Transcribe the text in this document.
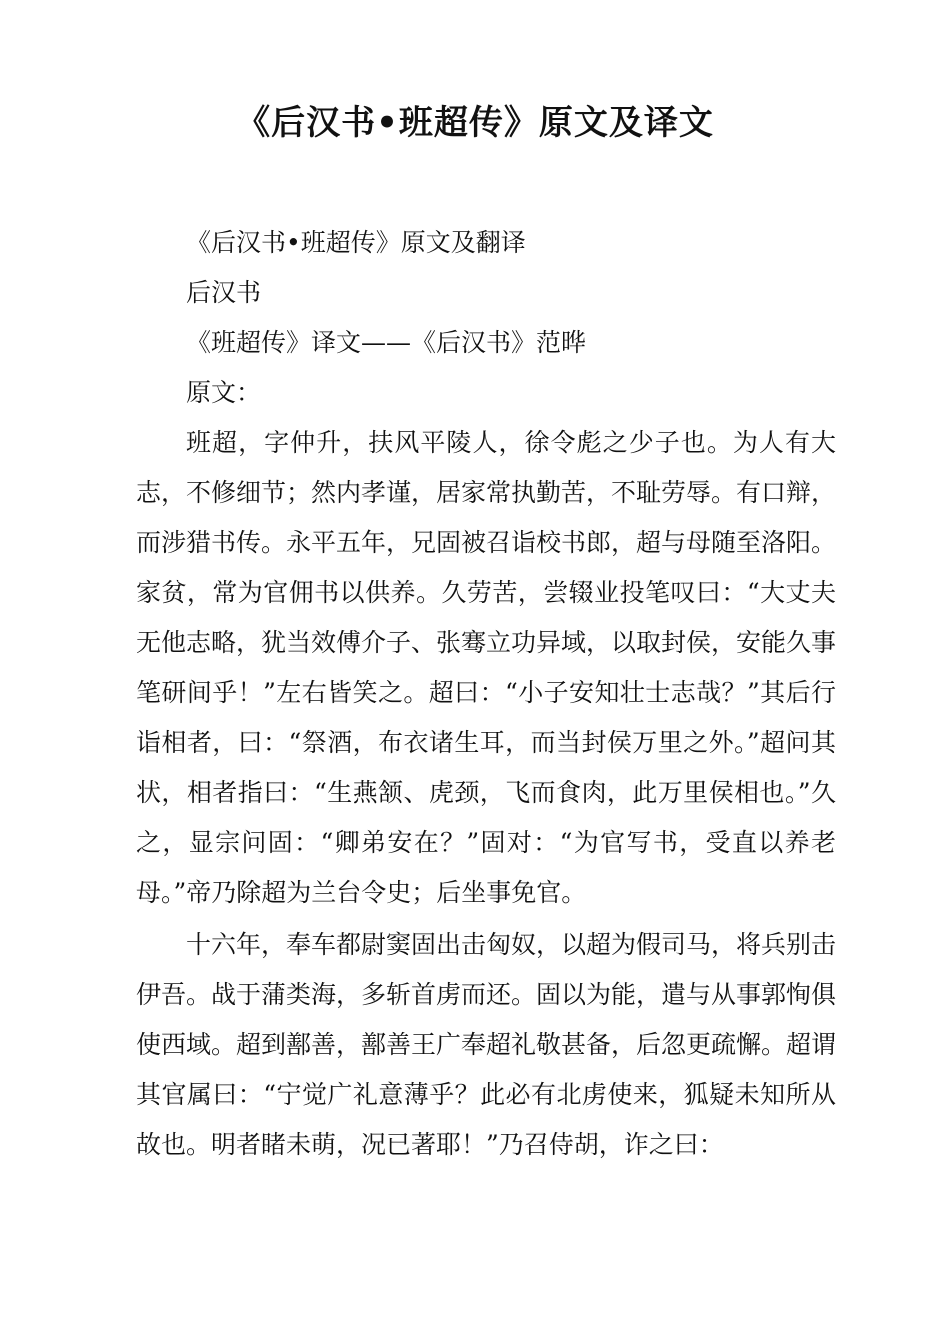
《后汉书•班超传》原文及译文

《后汉书•班超传》原文及翻译

后汉书

《班超传》译文——《后汉书》范晔

原文：

班超，字仲升，扶风平陵人，徐令彪之少子也。为人有大志，不修细节；然内孝谨，居家常执勤苦，不耻劳辱。有口辩，而涉猎书传。永平五年，兄固被召诣校书郎，超与母随至洛阳。家贫，常为官佣书以供养。久劳苦，尝辍业投笔叹曰：“大丈夫无他志略，犹当效傅介子、张骞立功异域，以取封侯，安能久事笔研间乎！”左右皆笑之。超曰：“小子安知壮士志哉？”其后行诣相者，曰：“祭酒，布衣诸生耳，而当封侯万里之外。”超问其状，相者指曰：“生燕颔、虎颈，飞而食肉，此万里侯相也。”久之，显宗问固：“卿弟安在？”固对：“为官写书，受直以养老母。”帝乃除超为兰台令史；后坐事免官。

十六年，奉车都尉窦固出击匈奴，以超为假司马，将兵别击伊吾。战于蒲类海，多斩首虏而还。固以为能，遣与从事郭恂俱使西域。超到鄯善，鄯善王广奉超礼敬甚备，后忽更疏懈。超谓其官属曰：“宁觉广礼意薄乎？此必有北虏使来，狐疑未知所从故也。明者睹未萌，况已著耶！”乃召侍胡，诈之曰：
